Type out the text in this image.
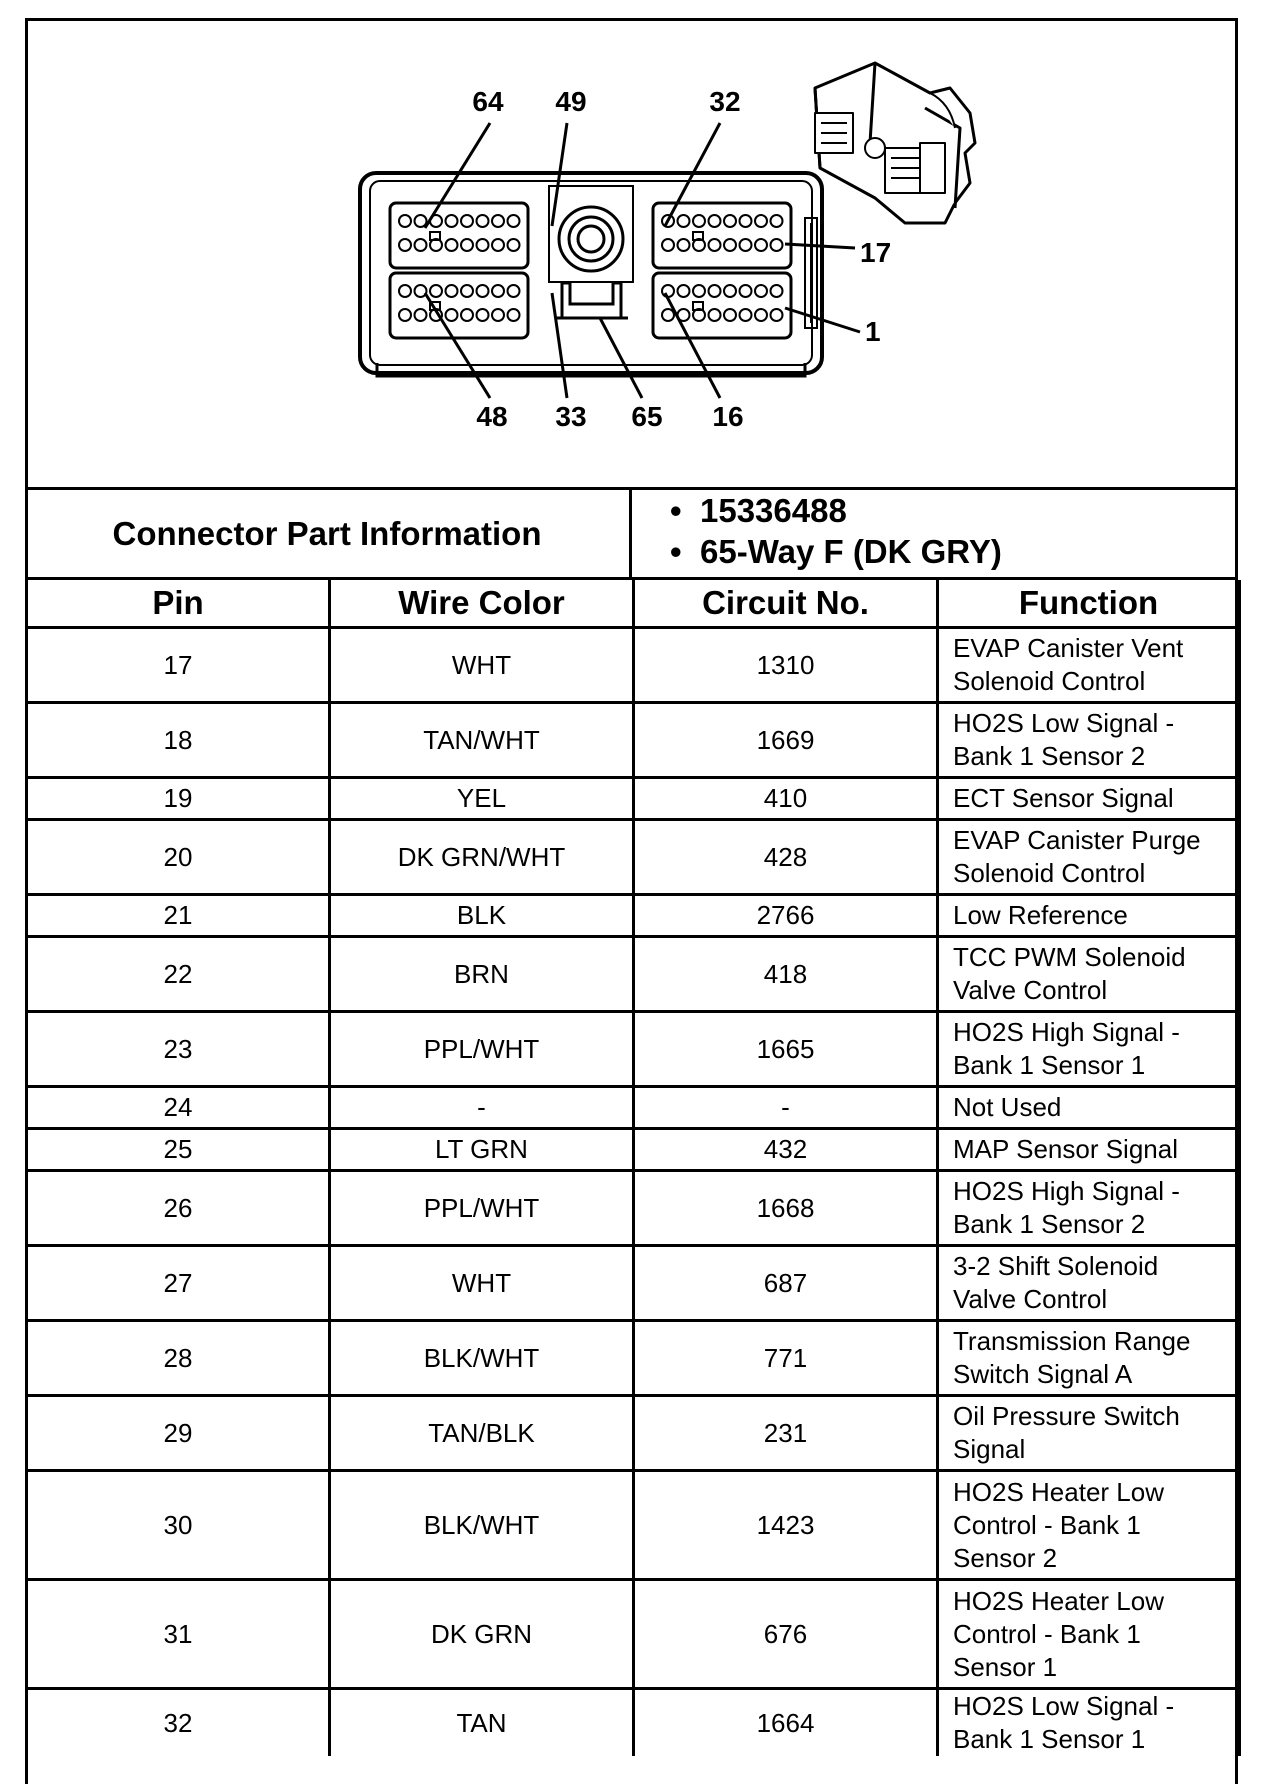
64 49	32
17
1
48 33 65 16
Connector Part Information
• 15336488
• 65-Way F (DK GRY)
Pin	Wire Color	Circuit No.	Function
17	WHT	1310	EVAP Canister Vent
Solenoid Control

18	TAN/WHT	1669	HO2S Low Signal -
Bank 1 Sensor 2

19	YEL	410	ECT Sensor Signal

20	DK GRN/WHT	428	EVAP Canister Purge
Solenoid Control

21	BLK	2766	Low Reference

22	BRN	418	TCC PWM Solenoid
Valve Control

23	PPL/WHT	1665	HO2S High Signal -
Bank 1 Sensor 1

24	-	-	Not Used

25	LT GRN	432	MAP Sensor Signal

26	PPL/WHT	1668	HO2S High Signal -
Bank 1 Sensor 2

27	WHT	687	3-2 Shift Solenoid
Valve Control

28	BLK/WHT	771	Transmission Range
Switch Signal A

29	TAN/BLK	231	Oil Pressure Switch
Signal

30	BLK/WHT	1423	HO2S Heater Low
Control - Bank 1
Sensor 2

31	DK GRN	676	HO2S Heater Low
Control - Bank 1
Sensor 1

32	TAN	1664	HO2S Low Signal -
Bank 1 Sensor 1
